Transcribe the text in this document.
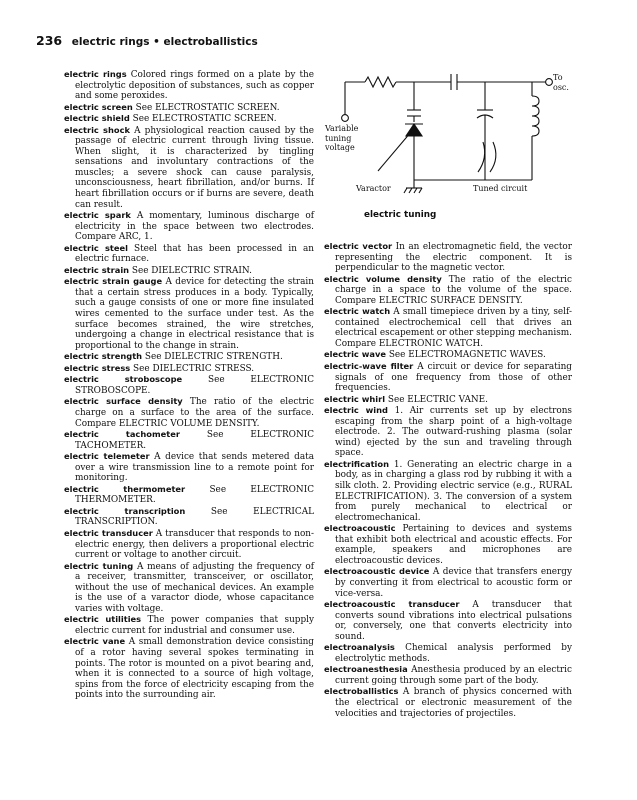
236 electric rings • electroballistics

electric rings Colored rings formed on a plate by the electrolytic deposition of substances, such as copper and some peroxides.

electric screen See ELECTROSTATIC SCREEN.

electric shield See ELECTROSTATIC SCREEN.

electric shock A physiological reaction caused by the passage of electric current through living tissue. When slight, it is characterized by tingling sensations and involuntary contractions of the muscles; a severe shock can cause paralysis, unconsciousness, heart fibrillation, and/or burns. If heart fibrillation occurs or if burns are severe, death can result.

electric spark A momentary, luminous discharge of electricity in the space between two electrodes. Compare ARC, 1.

electric steel Steel that has been processed in an electric furnace.

electric strain See DIELECTRIC STRAIN.

electric strain gauge A device for detecting the strain that a certain stress produces in a body. Typically, such a gauge consists of one or more fine insulated wires cemented to the surface under test. As the surface becomes strained, the wire stretches, undergoing a change in electrical resistance that is proportional to the change in strain.

electric strength See DIELECTRIC STRENGTH.

electric stress See DIELECTRIC STRESS.

electric stroboscope See ELECTRONIC STROBOSCOPE.

electric surface density The ratio of the electric charge on a surface to the area of the surface. Compare ELECTRIC VOLUME DENSITY.

electric tachometer See ELECTRONIC TACHOMETER.

electric telemeter A device that sends metered data over a wire transmission line to a remote point for monitoring.

electric thermometer See ELECTRONIC THERMOMETER.

electric transcription See ELECTRICAL TRANSCRIPTION.

electric transducer A transducer that responds to non-electric energy, then delivers a proportional electric current or voltage to another circuit.

electric tuning A means of adjusting the frequency of a receiver, transmitter, transceiver, or oscillator, without the use of mechanical devices. An example is the use of a varactor diode, whose capacitance varies with voltage.

electric utilities The power companies that supply electric current for industrial and consumer use.

electric vane A small demonstration device consisting of a rotor having several spokes terminating in points. The rotor is mounted on a pivot bearing and, when it is connected to a source of high voltage, spins from the force of electricity escaping from the points into the surrounding air.

To osc.
Variable tuning voltage
Varactor	Tuned circuit
electric tuning

electric vector In an electromagnetic field, the vector representing the electric component. It is perpendicular to the magnetic vector.

electric volume density The ratio of the electric charge in a space to the volume of the space. Compare ELECTRIC SURFACE DENSITY.

electric watch A small timepiece driven by a tiny, self-contained electrochemical cell that drives an electrical escapement or other stepping mechanism. Compare ELECTRONIC WATCH.

electric wave See ELECTROMAGNETIC WAVES.

electric-wave filter A circuit or device for separating signals of one frequency from those of other frequencies.

electric whirl See ELECTRIC VANE.

electric wind 1. Air currents set up by electrons escaping from the sharp point of a high-voltage electrode. 2. The outward-rushing plasma (solar wind) ejected by the sun and traveling through space.

electrification 1. Generating an electric charge in a body, as in charging a glass rod by rubbing it with a silk cloth. 2. Providing electric service (e.g., RURAL ELECTRIFICATION). 3. The conversion of a system from purely mechanical to electrical or electromechanical.

electroacoustic Pertaining to devices and systems that exhibit both electrical and acoustic effects. For example, speakers and microphones are electroacoustic devices.

electroacoustic device A device that transfers energy by converting it from electrical to acoustic form or vice-versa.

electroacoustic transducer A transducer that converts sound vibrations into electrical pulsations or, conversely, one that converts electricity into sound.

electroanalysis Chemical analysis performed by electrolytic methods.

electroanesthesia Anesthesia produced by an electric current going through some part of the body.

electroballistics A branch of physics concerned with the electrical or electronic measurement of the velocities and trajectories of projectiles.
